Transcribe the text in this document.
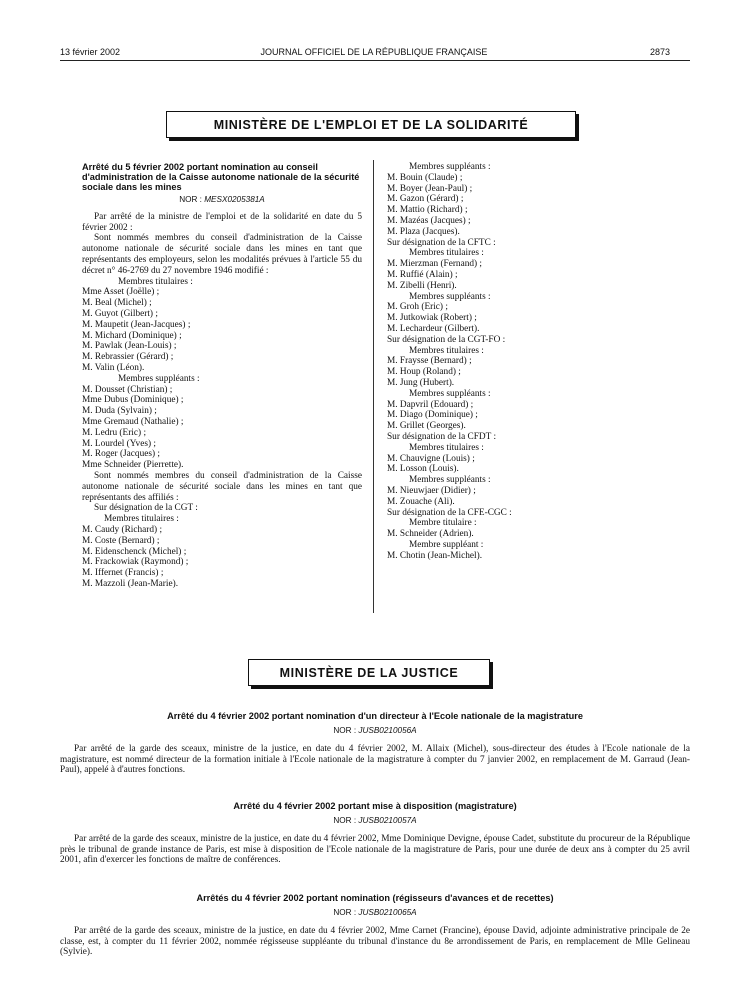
13 février 2002	JOURNAL OFFICIEL DE LA RÉPUBLIQUE FRANÇAISE	2873
MINISTÈRE DE L'EMPLOI ET DE LA SOLIDARITÉ
Arrêté du 5 février 2002 portant nomination au conseil d'administration de la Caisse autonome nationale de la sécurité sociale dans les mines
NOR : MESX0205381A
Par arrêté de la ministre de l'emploi et de la solidarité en date du 5 février 2002 :
Sont nommés membres du conseil d'administration de la Caisse autonome nationale de sécurité sociale dans les mines en tant que représentants des employeurs, selon les modalités prévues à l'article 55 du décret n° 46-2769 du 27 novembre 1946 modifié :
Membres titulaires :
Mme Asset (Joëlle) ;
M. Beal (Michel) ;
M. Guyot (Gilbert) ;
M. Maupetit (Jean-Jacques) ;
M. Michard (Dominique) ;
M. Pawlak (Jean-Louis) ;
M. Rebrassier (Gérard) ;
M. Valin (Léon).
Membres suppléants :
M. Dousset (Christian) ;
Mme Dubus (Dominique) ;
M. Duda (Sylvain) ;
Mme Gremaud (Nathalie) ;
M. Ledru (Eric) ;
M. Lourdel (Yves) ;
M. Roger (Jacques) ;
Mme Schneider (Pierrette).
Sont nommés membres du conseil d'administration de la Caisse autonome nationale de sécurité sociale dans les mines en tant que représentants des affiliés :
Sur désignation de la CGT :
Membres titulaires :
M. Caudy (Richard) ;
M. Coste (Bernard) ;
M. Eidenschenck (Michel) ;
M. Frackowiak (Raymond) ;
M. Iffernet (Francis) ;
M. Mazzoli (Jean-Marie).
Membres suppléants :
M. Bouin (Claude) ;
M. Boyer (Jean-Paul) ;
M. Gazon (Gérard) ;
M. Mattio (Richard) ;
M. Mazéas (Jacques) ;
M. Plaza (Jacques).
Sur désignation de la CFTC :
Membres titulaires :
M. Mierzman (Fernand) ;
M. Ruffié (Alain) ;
M. Zibelli (Henri).
Membres suppléants :
M. Groh (Eric) ;
M. Jutkowiak (Robert) ;
M. Lechardeur (Gilbert).
Sur désignation de la CGT-FO :
Membres titulaires :
M. Fraysse (Bernard) ;
M. Houp (Roland) ;
M. Jung (Hubert).
Membres suppléants :
M. Dapvril (Edouard) ;
M. Diago (Dominique) ;
M. Grillet (Georges).
Sur désignation de la CFDT :
Membres titulaires :
M. Chauvigne (Louis) ;
M. Losson (Louis).
Membres suppléants :
M. Nieuwjaer (Didier) ;
M. Zouache (Ali).
Sur désignation de la CFE-CGC :
Membre titulaire :
M. Schneider (Adrien).
Membre suppléant :
M. Chotin (Jean-Michel).
MINISTÈRE DE LA JUSTICE
Arrêté du 4 février 2002 portant nomination d'un directeur à l'Ecole nationale de la magistrature
NOR : JUSB0210056A
Par arrêté de la garde des sceaux, ministre de la justice, en date du 4 février 2002, M. Allaix (Michel), sous-directeur des études à l'Ecole nationale de la magistrature, est nommé directeur de la formation initiale à l'Ecole nationale de la magistrature à compter du 7 janvier 2002, en remplacement de M. Garraud (Jean-Paul), appelé à d'autres fonctions.
Arrêté du 4 février 2002 portant mise à disposition (magistrature)
NOR : JUSB0210057A
Par arrêté de la garde des sceaux, ministre de la justice, en date du 4 février 2002, Mme Dominique Devigne, épouse Cadet, substitute du procureur de la République près le tribunal de grande instance de Paris, est mise à disposition de l'Ecole nationale de la magistrature de Paris, pour une durée de deux ans à compter du 25 avril 2001, afin d'exercer les fonctions de maître de conférences.
Arrêtés du 4 février 2002 portant nomination (régisseurs d'avances et de recettes)
NOR : JUSB0210065A
Par arrêté de la garde des sceaux, ministre de la justice, en date du 4 février 2002, Mme Carnet (Francine), épouse David, adjointe administrative principale de 2e classe, est, à compter du 11 février 2002, nommée régisseuse suppléante du tribunal d'instance du 8e arrondissement de Paris, en remplacement de Mlle Gelineau (Sylvie).
